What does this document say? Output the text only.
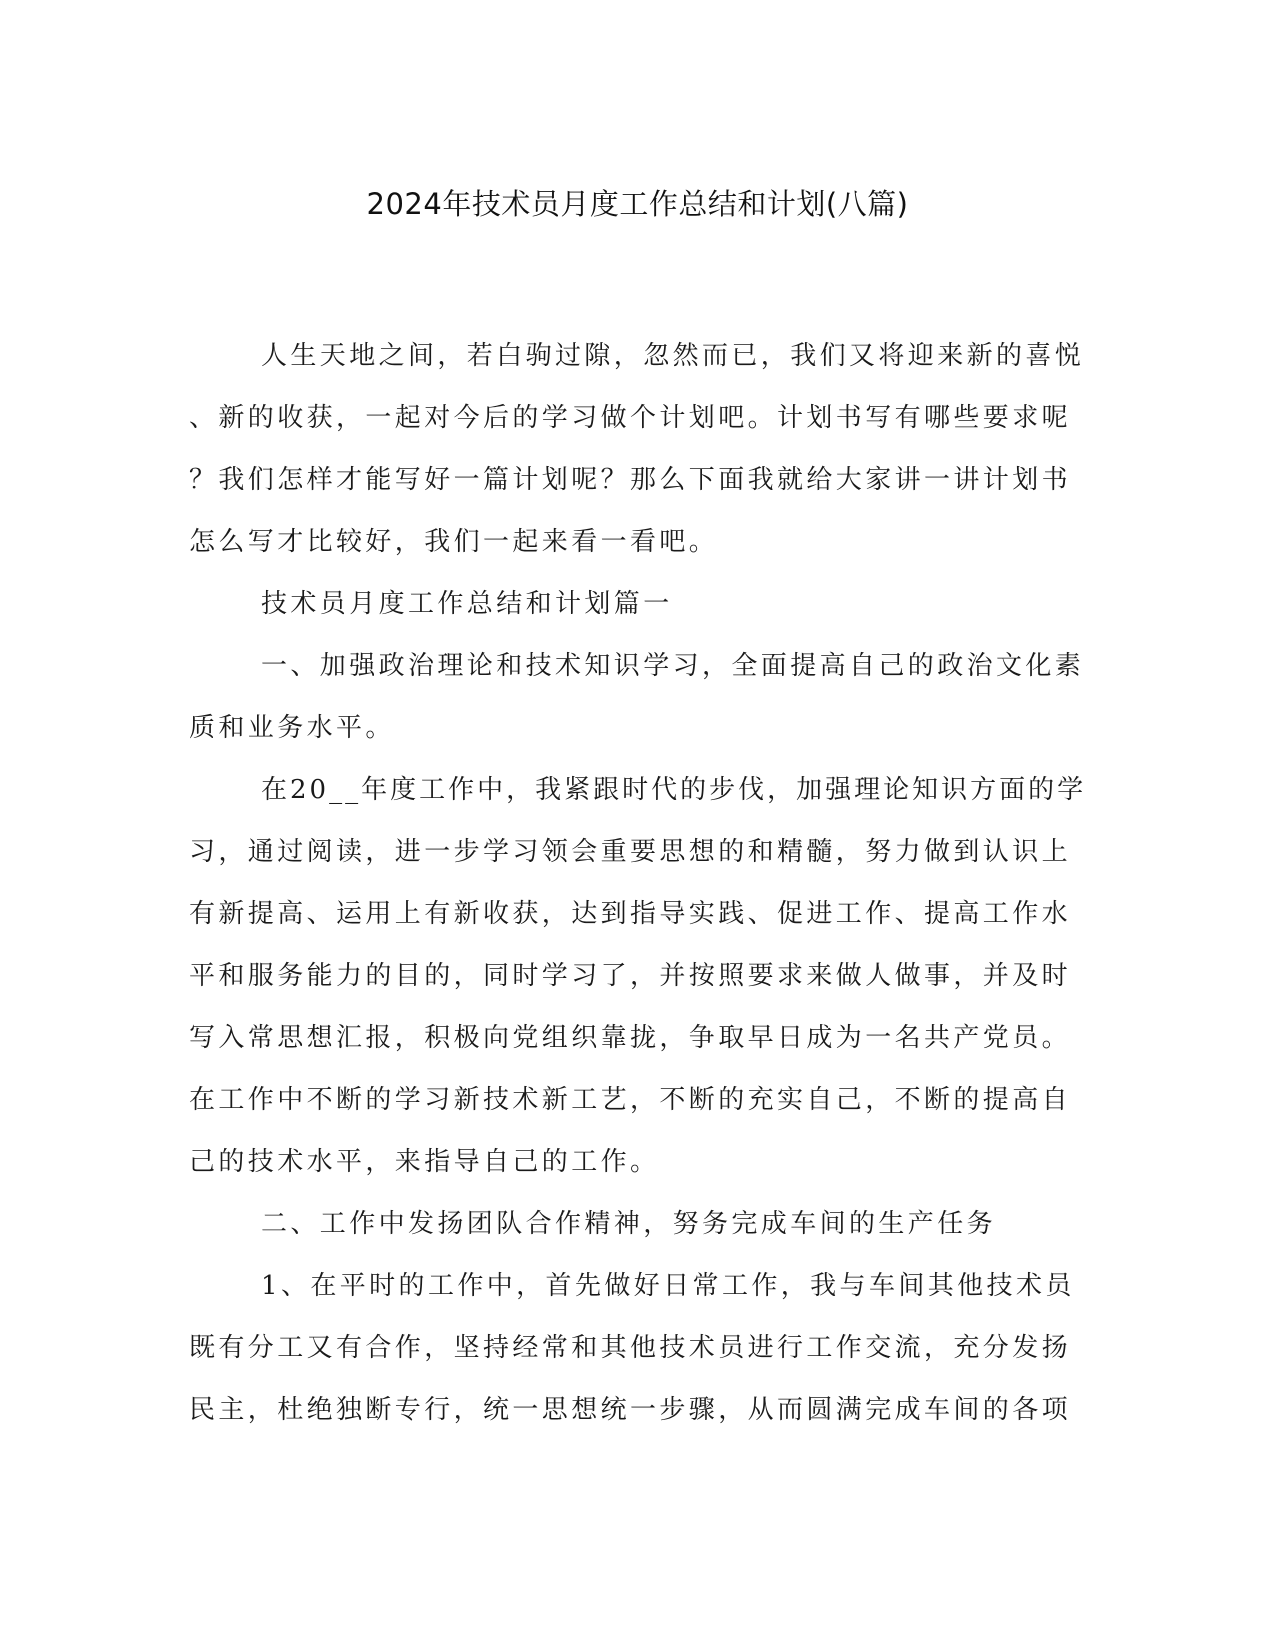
2024年技术员月度工作总结和计划(八篇)
人生天地之间，若白驹过隙，忽然而已，我们又将迎来新的喜悦
、新的收获，一起对今后的学习做个计划吧。计划书写有哪些要求呢
？我们怎样才能写好一篇计划呢？那么下面我就给大家讲一讲计划书
怎么写才比较好，我们一起来看一看吧。
技术员月度工作总结和计划篇一
一、加强政治理论和技术知识学习，全面提高自己的政治文化素
质和业务水平。
在20__年度工作中，我紧跟时代的步伐，加强理论知识方面的学
习，通过阅读，进一步学习领会重要思想的和精髓，努力做到认识上
有新提高、运用上有新收获，达到指导实践、促进工作、提高工作水
平和服务能力的目的，同时学习了，并按照要求来做人做事，并及时
写入常思想汇报，积极向党组织靠拢，争取早日成为一名共产党员。
在工作中不断的学习新技术新工艺，不断的充实自己，不断的提高自
己的技术水平，来指导自己的工作。
二、工作中发扬团队合作精神，努务完成车间的生产任务
1、在平时的工作中，首先做好日常工作，我与车间其他技术员
既有分工又有合作，坚持经常和其他技术员进行工作交流，充分发扬
民主，杜绝独断专行，统一思想统一步骤，从而圆满完成车间的各项
